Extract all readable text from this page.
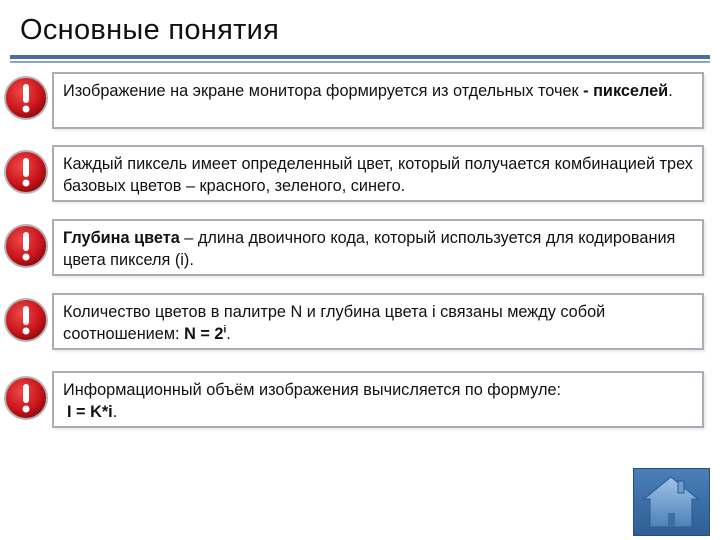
Основные понятия
Изображение на экране монитора формируется из отдельных точек - пикселей.
Каждый пиксель имеет определенный цвет, который получается комбинацией трех базовых цветов – красного, зеленого, синего.
Глубина цвета – длина двоичного кода, который используется для кодирования цвета пикселя (i).
Количество цветов в палитре N и глубина цвета i связаны между собой соотношением: $N = 2^i$.
Информационный объём изображения вычисляется по формуле:
I = K*i.
